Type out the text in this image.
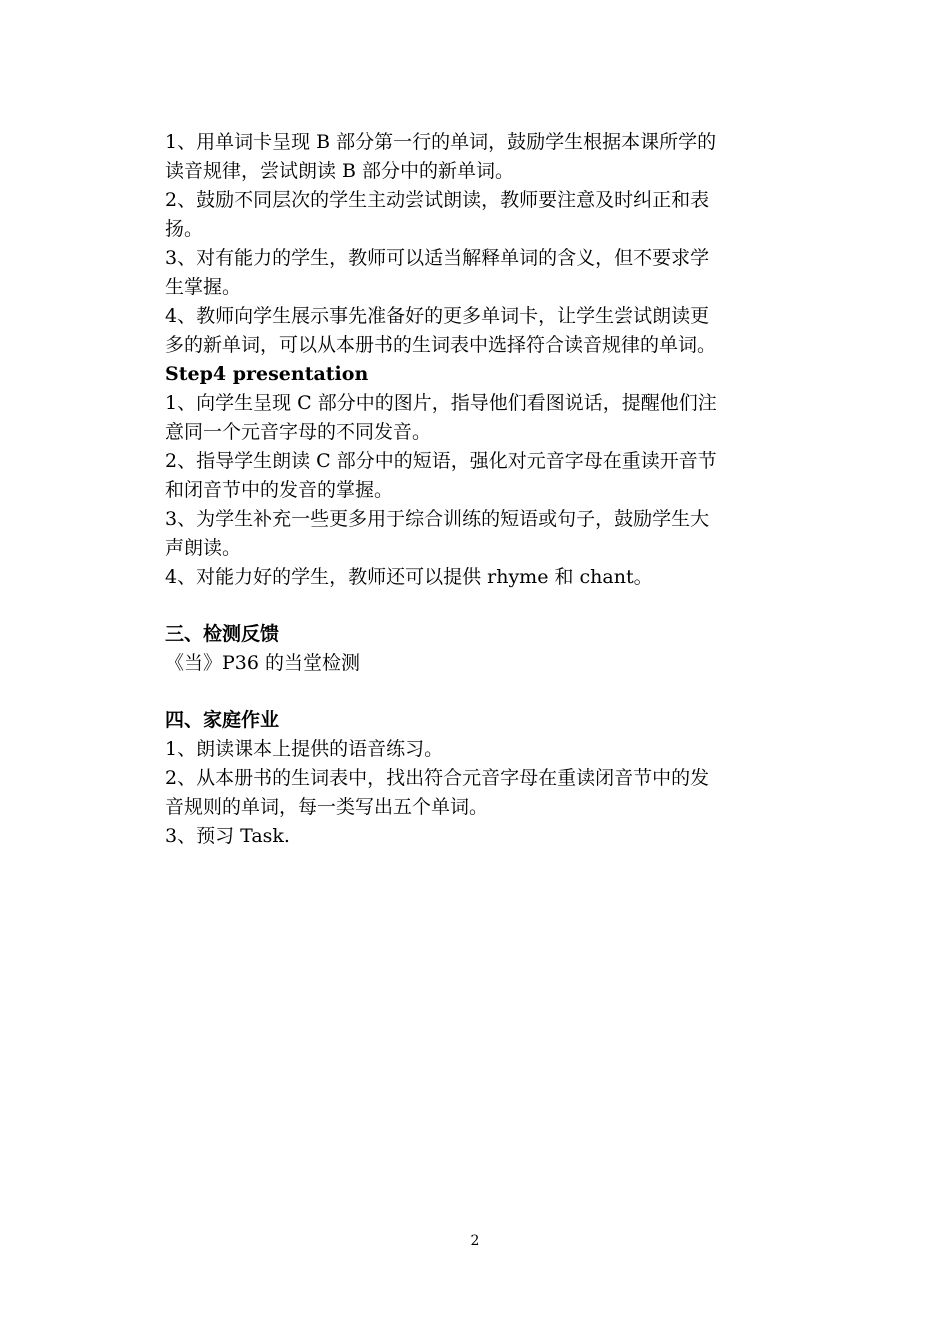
1、用单词卡呈现 B 部分第一行的单词，鼓励学生根据本课所学的
读音规律，尝试朗读 B 部分中的新单词。
2、鼓励不同层次的学生主动尝试朗读，教师要注意及时纠正和表
扬。
3、对有能力的学生，教师可以适当解释单词的含义，但不要求学
生掌握。
4、教师向学生展示事先准备好的更多单词卡，让学生尝试朗读更
多的新单词，可以从本册书的生词表中选择符合读音规律的单词。
Step4 presentation
1、向学生呈现 C 部分中的图片，指导他们看图说话，提醒他们注
意同一个元音字母的不同发音。
2、指导学生朗读 C 部分中的短语，强化对元音字母在重读开音节
和闭音节中的发音的掌握。
3、为学生补充一些更多用于综合训练的短语或句子，鼓励学生大
声朗读。
4、对能力好的学生，教师还可以提供 rhyme 和 chant。
三、检测反馈
《当》P36 的当堂检测
四、家庭作业
1、朗读课本上提供的语音练习。
2、从本册书的生词表中，找出符合元音字母在重读闭音节中的发
音规则的单词，每一类写出五个单词。
3、预习 Task.
2
